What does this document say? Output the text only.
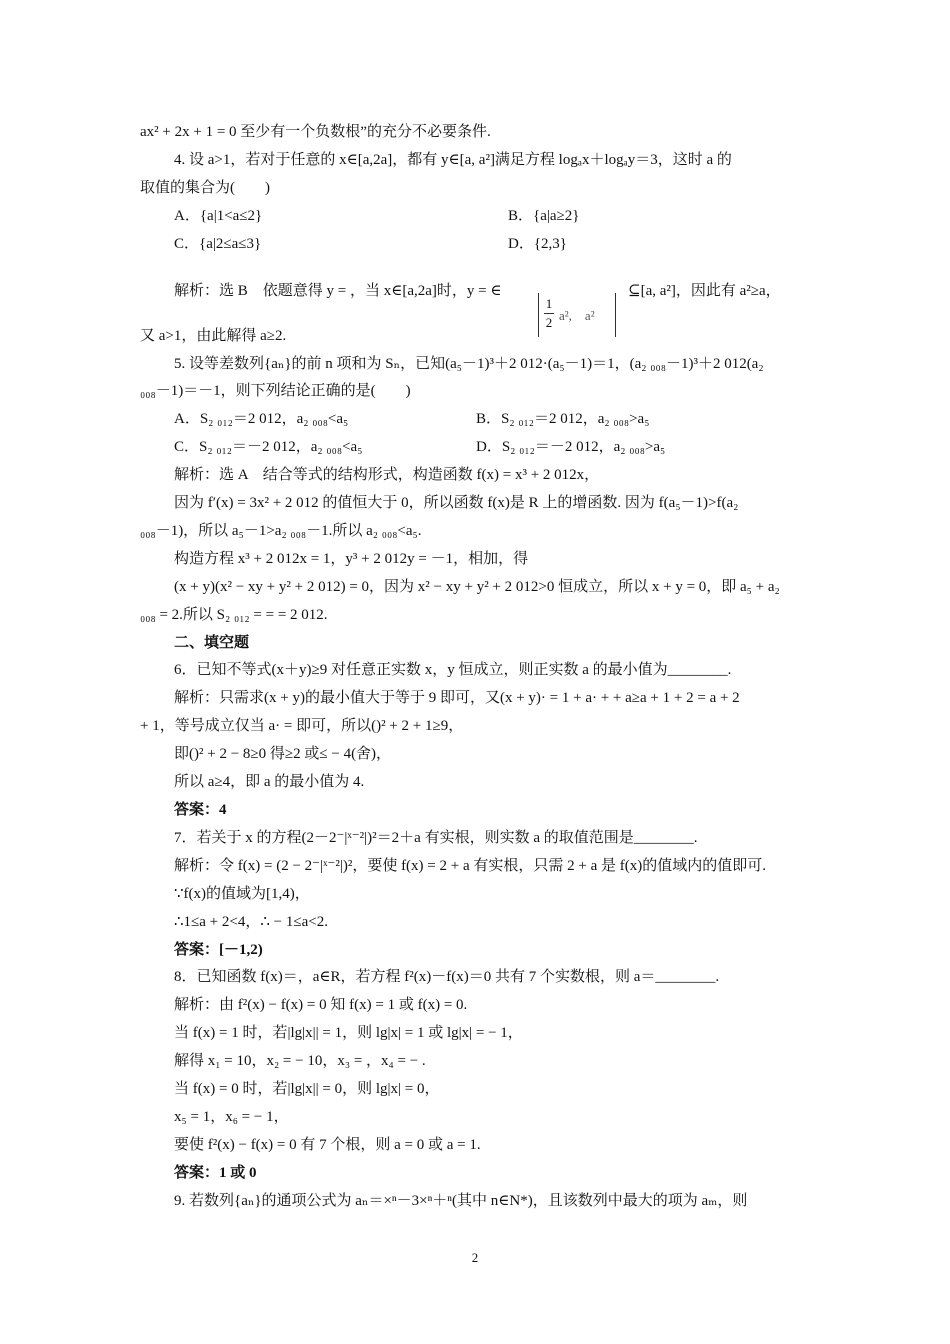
ax² + 2x + 1 = 0 至少有一个负数根”的充分不必要条件.
4. 设 a>1，若对于任意的 x∈[a,2a]，都有 y∈[a, a²]满足方程 logₐx＋logₐy＝3，这时 a 的
取值的集合为(　　)
A．{a|1<a≤2}	B．{a|a≥2}
C．{a|2≤a≤3}	D．{2,3}
解析：选 B　依题意得 y = ，当 x∈[a,2a]时，y = ∈
1
2 a²,　a²
⊆[a, a²]，因此有 a²≥a，
又 a>1，由此解得 a≥2.
5. 设等差数列{aₙ}的前 n 项和为 Sₙ，已知(a₅－1)³＋2 012·(a₅－1)＝1，(a₂ ₀₀₈－1)³＋2 012(a₂
₀₀₈－1)＝－1，则下列结论正确的是(　　)
A．S₂ ₀₁₂＝2 012，a₂ ₀₀₈<a₅	B．S₂ ₀₁₂＝2 012，a₂ ₀₀₈>a₅
C．S₂ ₀₁₂＝－2 012，a₂ ₀₀₈<a₅	D．S₂ ₀₁₂＝－2 012，a₂ ₀₀₈>a₅
解析：选 A　结合等式的结构形式，构造函数 f(x) = x³ + 2 012x，
因为 f′(x) = 3x² + 2 012 的值恒大于 0，所以函数 f(x)是 R 上的增函数. 因为 f(a₅－1)>f(a₂
₀₀₈－1)，所以 a₅－1>a₂ ₀₀₈－1.所以 a₂ ₀₀₈<a₅.
构造方程 x³ + 2 012x = 1，y³ + 2 012y = －1，相加，得
(x + y)(x² − xy + y² + 2 012) = 0，因为 x² − xy + y² + 2 012>0 恒成立，所以 x + y = 0，即 a₅ + a₂
₀₀₈ = 2.所以 S₂ ₀₁₂ = = = 2 012.
二、填空题
6．已知不等式(x＋y)≥9 对任意正实数 x，y 恒成立，则正实数 a 的最小值为________.
解析：只需求(x + y)的最小值大于等于 9 即可，又(x + y)· = 1 + a· + + a≥a + 1 + 2 = a + 2
+ 1，等号成立仅当 a· = 即可，所以()² + 2 + 1≥9，
即()² + 2 − 8≥0 得≥2 或≤ − 4(舍)，
所以 a≥4，即 a 的最小值为 4.
答案：4
7．若关于 x 的方程(2－2⁻|ˣ⁻²|)²＝2＋a 有实根，则实数 a 的取值范围是________.
解析：令 f(x) = (2 − 2⁻|ˣ⁻²|)²，要使 f(x) = 2 + a 有实根，只需 2 + a 是 f(x)的值域内的值即可.
∵f(x)的值域为[1,4)，
∴1≤a + 2<4，∴ − 1≤a<2.
答案：[－1,2)
8．已知函数 f(x)＝，a∈R，若方程 f²(x)－f(x)＝0 共有 7 个实数根，则 a＝________.
解析：由 f²(x) − f(x) = 0 知 f(x) = 1 或 f(x) = 0.
当 f(x) = 1 时，若|lg|x|| = 1，则 lg|x| = 1 或 lg|x| = − 1，
解得 x₁ = 10，x₂ = − 10，x₃ = ，x₄ = − .
当 f(x) = 0 时，若|lg|x|| = 0，则 lg|x| = 0，
x₅ = 1，x₆ = − 1，
要使 f²(x) − f(x) = 0 有 7 个根，则 a = 0 或 a = 1.
答案：1 或 0
9. 若数列{aₙ}的通项公式为 aₙ＝×ⁿ－3×ⁿ＋ⁿ(其中 n∈N*)，且该数列中最大的项为 aₘ，则
2
